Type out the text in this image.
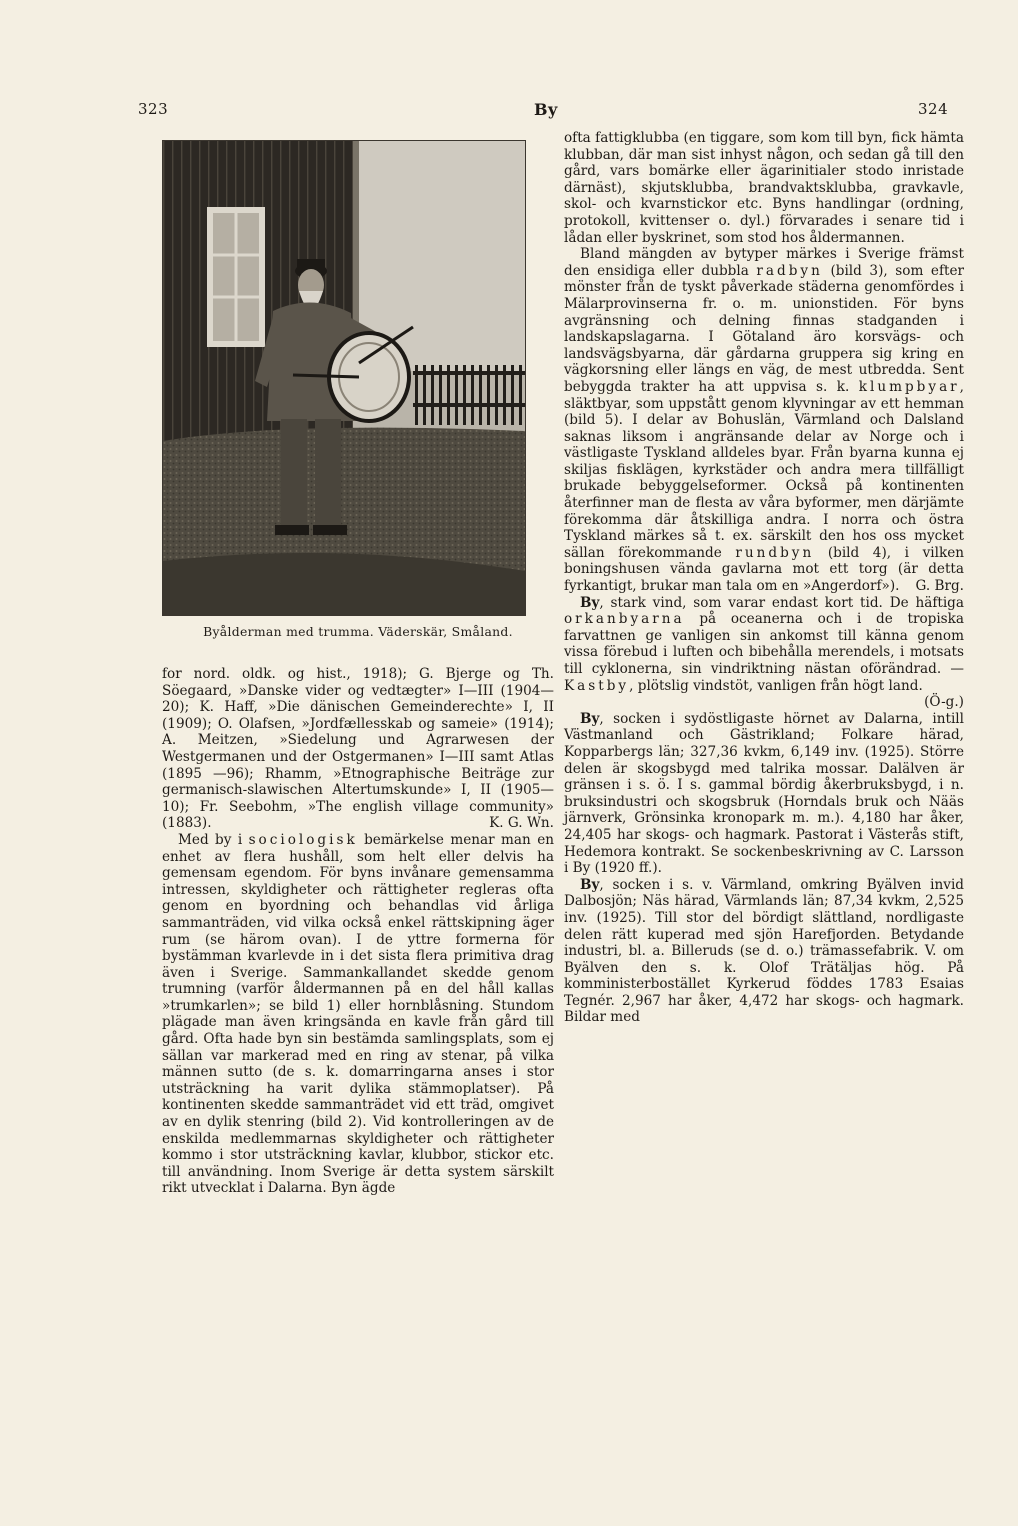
323	By	324
Byålderman med trumma. Väderskär, Småland.

for nord. oldk. og hist., 1918); G. Bjerge og Th. Söegaard, »Danske vider og vedtægter» I—III (1904—20); K. Haff, »Die dänischen Gemeinderechte» I, II (1909); O. Olafsen, »Jordfællesskab og sameie» (1914); A. Meitzen, »Siedelung und Agrarwesen der Westgermanen und der Ostgermanen» I—III samt Atlas (1895 —96); Rhamm, »Etnographische Beiträge zur germanisch-slawischen Altertumskunde» I, II (1905—10); Fr. Seebohm, »The english village community» (1883).	K. G. Wn.

Med by i sociologisk bemärkelse menar man en enhet av flera hushåll, som helt eller delvis ha gemensam egendom. För byns invånare gemensamma intressen, skyldigheter och rättigheter regleras ofta genom en byordning och behandlas vid årliga sammanträden, vid vilka också enkel rättskipning äger rum (se härom ovan). I de yttre formerna för bystämman kvarlevde in i det sista flera primitiva drag även i Sverige. Sammankallandet skedde genom trumning (varför åldermannen på en del håll kallas »trumkarlen»; se bild 1) eller hornblåsning. Stundom plägade man även kringsända en kavle från gård till gård. Ofta hade byn sin bestämda samlingsplats, som ej sällan var markerad med en ring av stenar, på vilka männen sutto (de s. k. domarringarna anses i stor utsträckning ha varit dylika stämmoplatser). På kontinenten skedde sammanträdet vid ett träd, omgivet av en dylik stenring (bild 2). Vid kontrolleringen av de enskilda medlemmarnas skyldigheter och rättigheter kommo i stor utsträckning kavlar, klubbor, stickor etc. till användning. Inom Sverige är detta system särskilt rikt utvecklat i Dalarna. Byn ägde

ofta fattigklubba (en tiggare, som kom till byn, fick hämta klubban, där man sist inhyst någon, och sedan gå till den gård, vars bomärke eller ägarinitialer stodo inristade därnäst), skjutsklubba, brandvaktsklubba, gravkavle, skol- och kvarnstickor etc. Byns handlingar (ordning, protokoll, kvittenser o. dyl.) förvarades i senare tid i lådan eller byskrinet, som stod hos åldermannen.

Bland mängden av bytyper märkes i Sverige främst den ensidiga eller dubbla radbyn (bild 3), som efter mönster från de tyskt påverkade städerna genomfördes i Mälarprovinserna fr. o. m. unionstiden. För byns avgränsning och delning finnas stadganden i landskapslagarna. I Götaland äro korsvägs- och landsvägsbyarna, där gårdarna gruppera sig kring en vägkorsning eller längs en väg, de mest utbredda. Sent bebyggda trakter ha att uppvisa s. k. klumpbyar, släktbyar, som uppstått genom klyvningar av ett hemman (bild 5). I delar av Bohuslän, Värmland och Dalsland saknas liksom i angränsande delar av Norge och i västligaste Tyskland alldeles byar. Från byarna kunna ej skiljas fisklägen, kyrkstäder och andra mera tillfälligt brukade bebyggelseformer. Också på kontinenten återfinner man de flesta av våra byformer, men därjämte förekomma där åtskilliga andra. I norra och östra Tyskland märkes så t. ex. särskilt den hos oss mycket sällan förekommande rundbyn (bild 4), i vilken boningshusen vända gavlarna mot ett torg (är detta fyrkantigt, brukar man tala om en »Angerdorf»).	G. Brg.

By, stark vind, som varar endast kort tid. De häftiga orkanbyarna på oceanerna och i de tropiska farvattnen ge vanligen sin ankomst till känna genom vissa förebud i luften och bibehålla merendels, i motsats till cyklonerna, sin vindriktning nästan oförändrad. — Kastby, plötslig vindstöt, vanligen från högt land.
(Ö-g.)

By, socken i sydöstligaste hörnet av Dalarna, intill Västmanland och Gästrikland; Folkare härad, Kopparbergs län; 327,36 kvkm, 6,149 inv. (1925). Större delen är skogsbygd med talrika mossar. Dalälven är gränsen i s. ö. I s. gammal bördig åkerbruksbygd, i n. bruksindustri och skogsbruk (Horndals bruk och Nääs järnverk, Grönsinka kronopark m. m.). 4,180 har åker, 24,405 har skogs- och hagmark. Pastorat i Västerås stift, Hedemora kontrakt. Se sockenbeskrivning av C. Larsson i By (1920 ff.).

By, socken i s. v. Värmland, omkring Byälven invid Dalbosjön; Näs härad, Värmlands län; 87,34 kvkm, 2,525 inv. (1925). Till stor del bördigt slättland, nordligaste delen rätt kuperad med sjön Harefjorden. Betydande industri, bl. a. Billeruds (se d. o.) trämassefabrik. V. om Byälven den s. k. Olof Trätäljas hög. På komministerbostället Kyrkerud föddes 1783 Esaias Tegnér. 2,967 har åker, 4,472 har skogs- och hagmark. Bildar med
